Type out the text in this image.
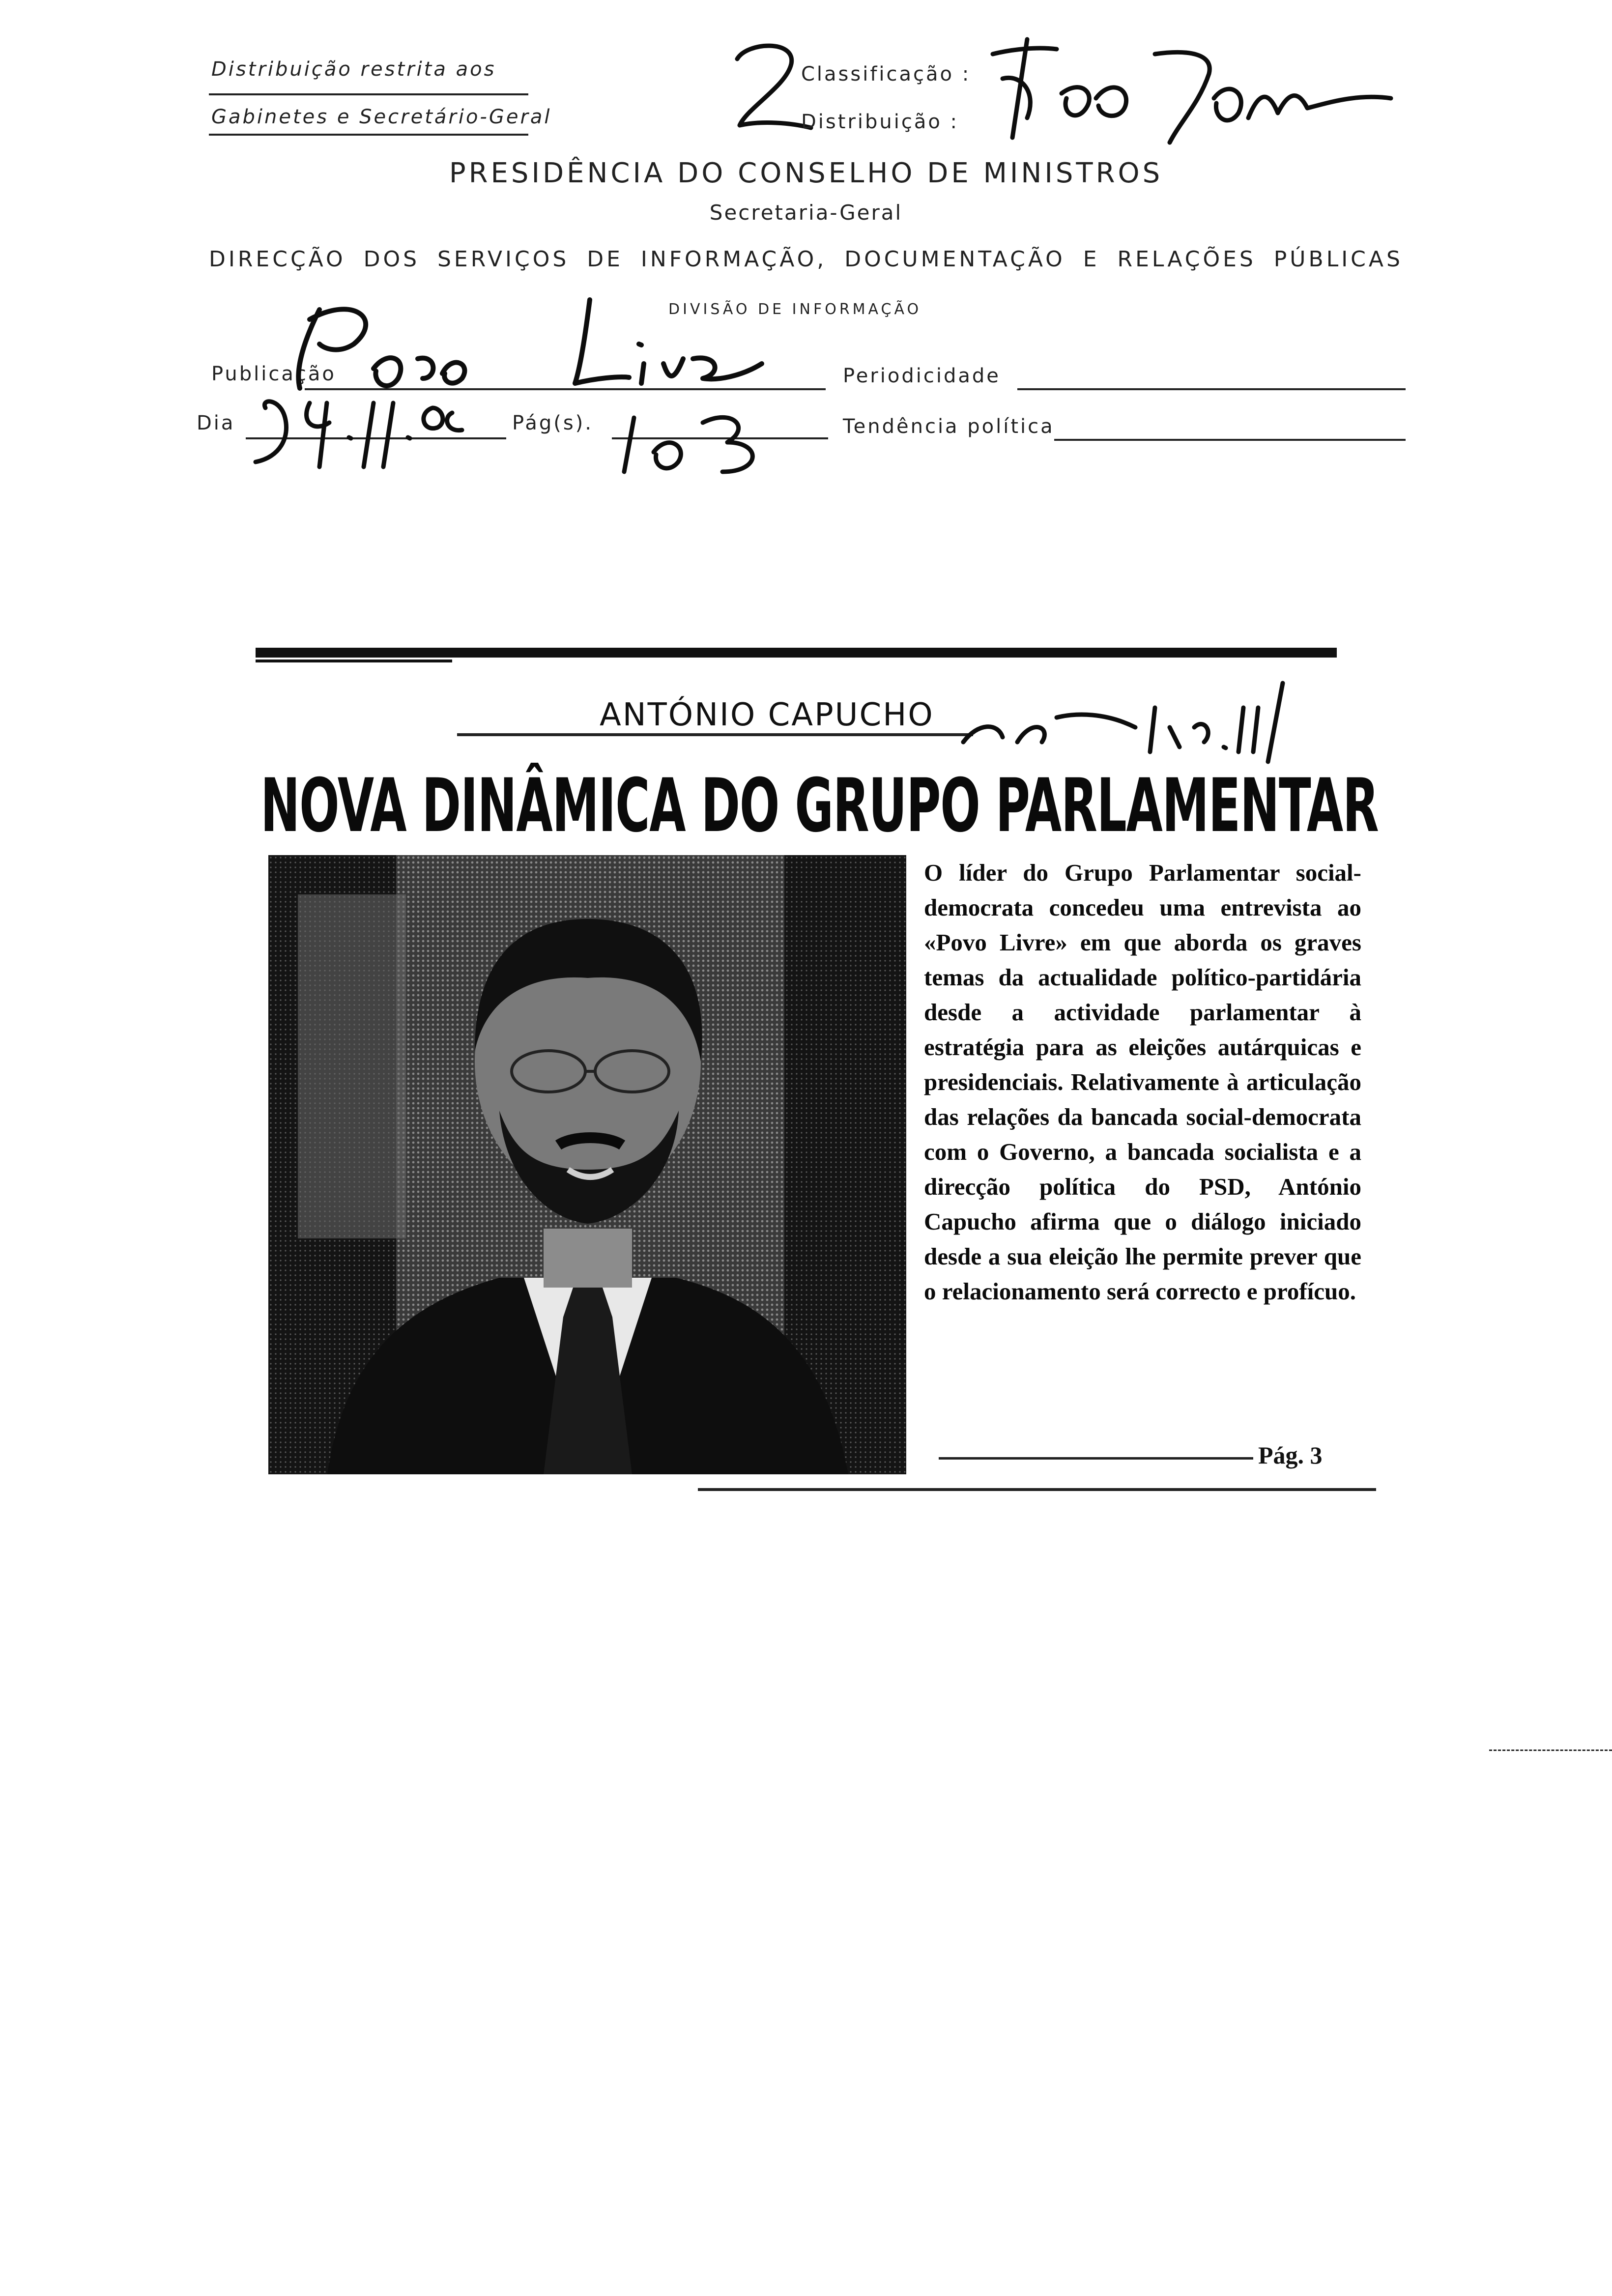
Distribuição restrita aos
Gabinetes e Secretário-Geral
Classificação :
Distribuição :
PRESIDÊNCIA DO CONSELHO DE MINISTROS
Secretaria-Geral
DIRECÇÃO DOS SERVIÇOS DE INFORMAÇÃO, DOCUMENTAÇÃO E RELAÇÕES PÚBLICAS
DIVISÃO DE INFORMAÇÃO
Publicação	Periodicidade
Dia	Pág(s).	Tendência política
ANTÓNIO CAPUCHO
NOVA DINÂMICA DO GRUPO PARLAMENTAR
O líder do Grupo Parlamentar social-democrata concedeu uma entrevista ao «Povo Livre» em que aborda os graves temas da actualidade político-partidária desde a actividade parlamentar à estratégia para as eleições autárquicas e presidenciais. Relativamente à articulação das relações da bancada social-democrata com o Governo, a bancada socialista e a direcção política do PSD, António Capucho afirma que o diálogo iniciado desde a sua eleição lhe permite prever que o relacionamento será correcto e profícuo.
Pág. 3
